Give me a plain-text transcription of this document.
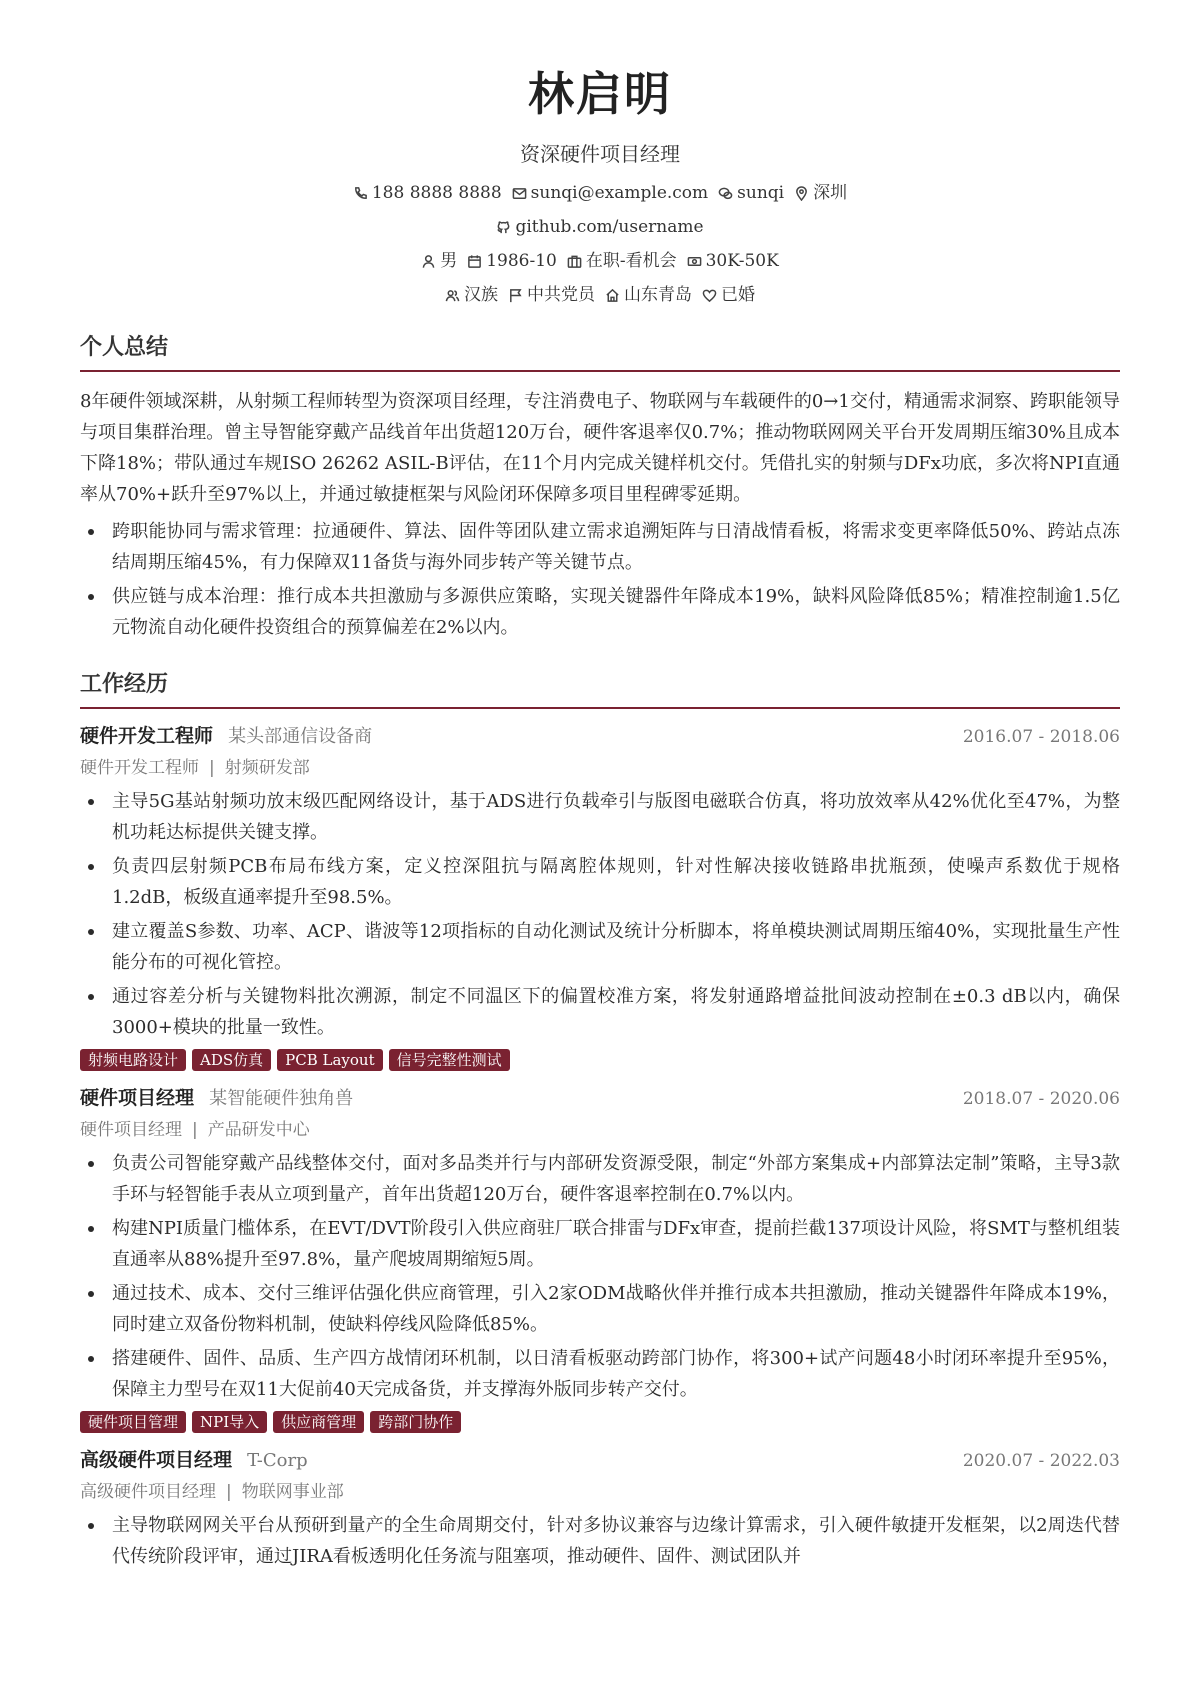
林启明
资深硬件项目经理
188 8888 8888 sunqi@example.com sunqi 深圳
github.com/username
男 1986-10 在职-看机会 30K-50K
汉族 中共党员 山东青岛 已婚
个人总结
8年硬件领域深耕，从射频工程师转型为资深项目经理，专注消费电子、物联网与车载硬件的0→1交付，精通需求洞察、跨职能领导与项目集群治理。曾主导智能穿戴产品线首年出货超120万台，硬件客退率仅0.7%；推动物联网网关平台开发周期压缩30%且成本下降18%；带队通过车规ISO 26262 ASIL-B评估，在11个月内完成关键样机交付。凭借扎实的射频与DFx功底，多次将NPI直通率从70%+跃升至97%以上，并通过敏捷框架与风险闭环保障多项目里程碑零延期。
跨职能协同与需求管理：拉通硬件、算法、固件等团队建立需求追溯矩阵与日清战情看板，将需求变更率降低50%、跨站点冻结周期压缩45%，有力保障双11备货与海外同步转产等关键节点。
供应链与成本治理：推行成本共担激励与多源供应策略，实现关键器件年降成本19%，缺料风险降低85%；精准控制逾1.5亿元物流自动化硬件投资组合的预算偏差在2%以内。
工作经历
硬件开发工程师 某头部通信设备商	2016.07 - 2018.06
硬件开发工程师 | 射频研发部
主导5G基站射频功放末级匹配网络设计，基于ADS进行负载牵引与版图电磁联合仿真，将功放效率从42%优化至47%，为整机功耗达标提供关键支撑。
负责四层射频PCB布局布线方案，定义控深阻抗与隔离腔体规则，针对性解决接收链路串扰瓶颈，使噪声系数优于规格1.2dB，板级直通率提升至98.5%。
建立覆盖S参数、功率、ACP、谐波等12项指标的自动化测试及统计分析脚本，将单模块测试周期压缩40%，实现批量生产性能分布的可视化管控。
通过容差分析与关键物料批次溯源，制定不同温区下的偏置校准方案，将发射通路增益批间波动控制在±0.3 dB以内，确保3000+模块的批量一致性。
射频电路设计	ADS仿真	PCB Layout	信号完整性测试
硬件项目经理 某智能硬件独角兽	2018.07 - 2020.06
硬件项目经理 | 产品研发中心
负责公司智能穿戴产品线整体交付，面对多品类并行与内部研发资源受限，制定“外部方案集成+内部算法定制”策略，主导3款手环与轻智能手表从立项到量产，首年出货超120万台，硬件客退率控制在0.7%以内。
构建NPI质量门槛体系，在EVT/DVT阶段引入供应商驻厂联合排雷与DFx审查，提前拦截137项设计风险，将SMT与整机组装直通率从88%提升至97.8%，量产爬坡周期缩短5周。
通过技术、成本、交付三维评估强化供应商管理，引入2家ODM战略伙伴并推行成本共担激励，推动关键器件年降成本19%，同时建立双备份物料机制，使缺料停线风险降低85%。
搭建硬件、固件、品质、生产四方战情闭环机制，以日清看板驱动跨部门协作，将300+试产问题48小时闭环率提升至95%，保障主力型号在双11大促前40天完成备货，并支撑海外版同步转产交付。
硬件项目管理	NPI导入	供应商管理	跨部门协作
高级硬件项目经理 T-Corp	2020.07 - 2022.03
高级硬件项目经理 | 物联网事业部
主导物联网网关平台从预研到量产的全生命周期交付，针对多协议兼容与边缘计算需求，引入硬件敏捷开发框架，以2周迭代替代传统阶段评审，通过JIRA看板透明化任务流与阻塞项，推动硬件、固件、测试团队并
